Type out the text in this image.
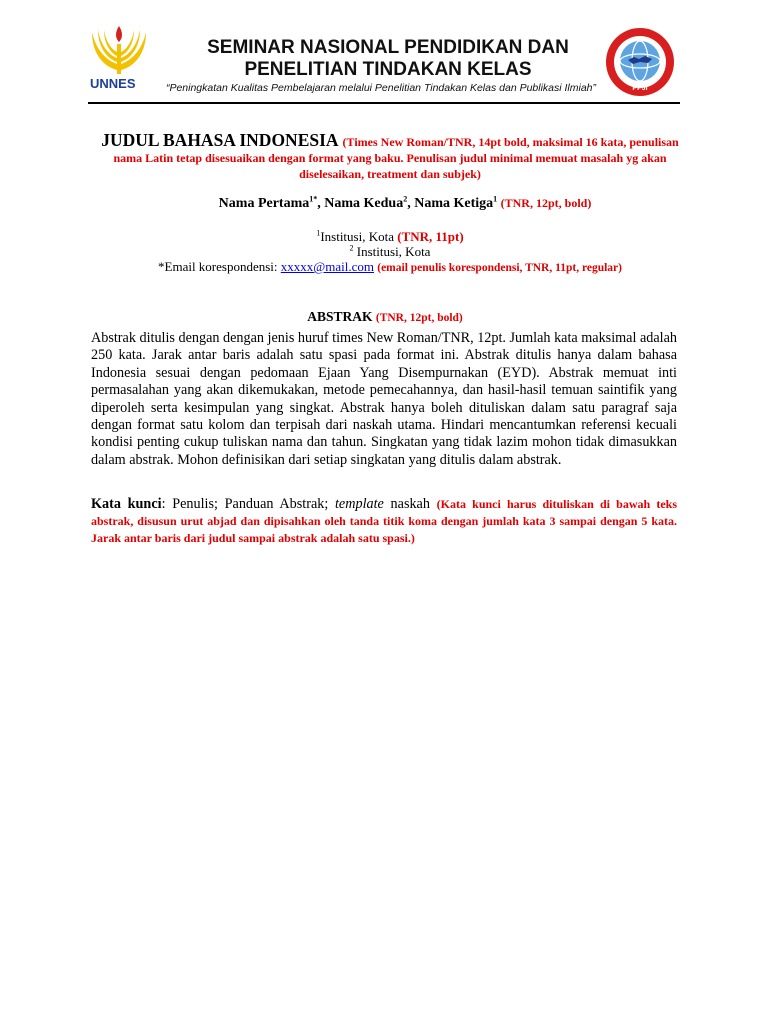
UNNES
SEMINAR NASIONAL PENDIDIKAN DAN
PENELITIAN TINDAKAN KELAS
“Peningkatan Kualitas Pembelajaran melalui Penelitian Tindakan Kelas dan Publikasi Ilmiah”	PPJI
JUDUL BAHASA INDONESIA (Times New Roman/TNR, 14pt bold, maksimal 16 kata, penulisan nama Latin tetap disesuaikan dengan format yang baku. Penulisan judul minimal memuat masalah yg akan diselesaikan, treatment dan subjek)
Nama Pertama$^{1*}$, Nama Kedua$^2$, Nama Ketiga$^1$ (TNR, 12pt, bold)
$^1$Institusi, Kota (TNR, 11pt)
$^2$ Institusi, Kota
*Email korespondensi: xxxxx@mail.com (email penulis korespondensi, TNR, 11pt, regular)
ABSTRAK (TNR, 12pt, bold)
Abstrak ditulis dengan dengan jenis huruf times New Roman/TNR, 12pt. Jumlah kata maksimal adalah 250 kata. Jarak antar baris adalah satu spasi pada format ini. Abstrak ditulis hanya dalam bahasa Indonesia sesuai dengan pedomaan Ejaan Yang Disempurnakan (EYD). Abstrak memuat inti permasalahan yang akan dikemukakan, metode pemecahannya, dan hasil-hasil temuan saintifik yang diperoleh serta kesimpulan yang singkat. Abstrak hanya boleh dituliskan dalam satu paragraf saja dengan format satu kolom dan terpisah dari naskah utama. Hindari mencantumkan referensi kecuali kondisi penting cukup tuliskan nama dan tahun. Singkatan yang tidak lazim mohon tidak dimasukkan dalam abstrak. Mohon definisikan dari setiap singkatan yang ditulis dalam abstrak.
Kata kunci: Penulis; Panduan Abstrak; template naskah (Kata kunci harus dituliskan di bawah teks abstrak, disusun urut abjad dan dipisahkan oleh tanda titik koma dengan jumlah kata 3 sampai dengan 5 kata. Jarak antar baris dari judul sampai abstrak adalah satu spasi.)
